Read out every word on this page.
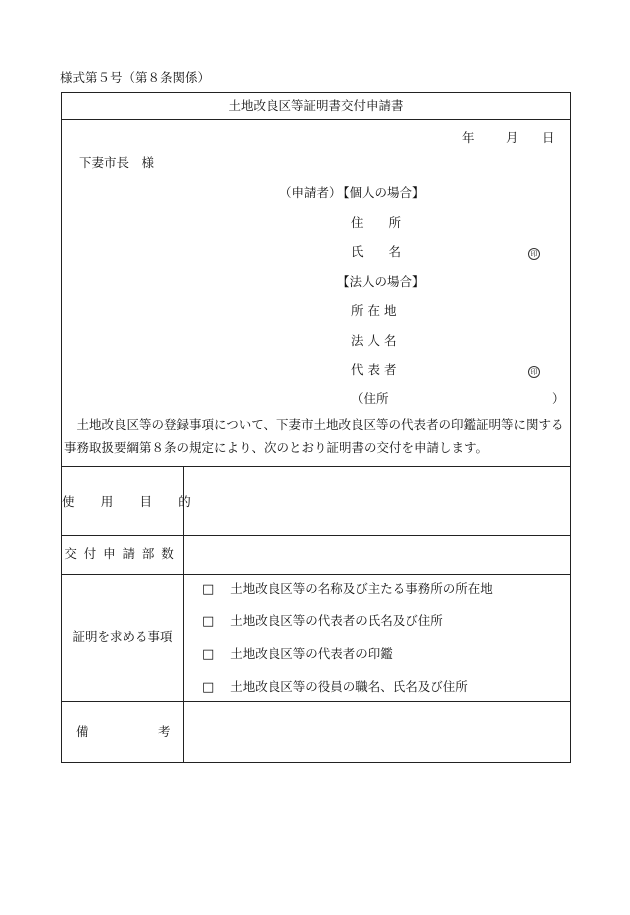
様式第５号（第８条関係）
土地改良区等証明書交付申請書
年	月 日
下妻市長　様
（申請者）
【個人の場合】
住　　所
氏　　名	印
【法人の場合】
所 在 地
法 人 名
代 表 者	印
（住所	）
　土地改良区等の登録事項について、下妻市土地改良区等の代表者の印鑑証明等に関する事務取扱要綱第８条の規定により、次のとおり証明書の交付を申請します。
使　用　目　的
交付申請部数
証明を求める事項
□ 土地改良区等の名称及び主たる事務所の所在地
□ 土地改良区等の代表者の氏名及び住所
□ 土地改良区等の代表者の印鑑
□ 土地改良区等の役員の職名、氏名及び住所
備	考
